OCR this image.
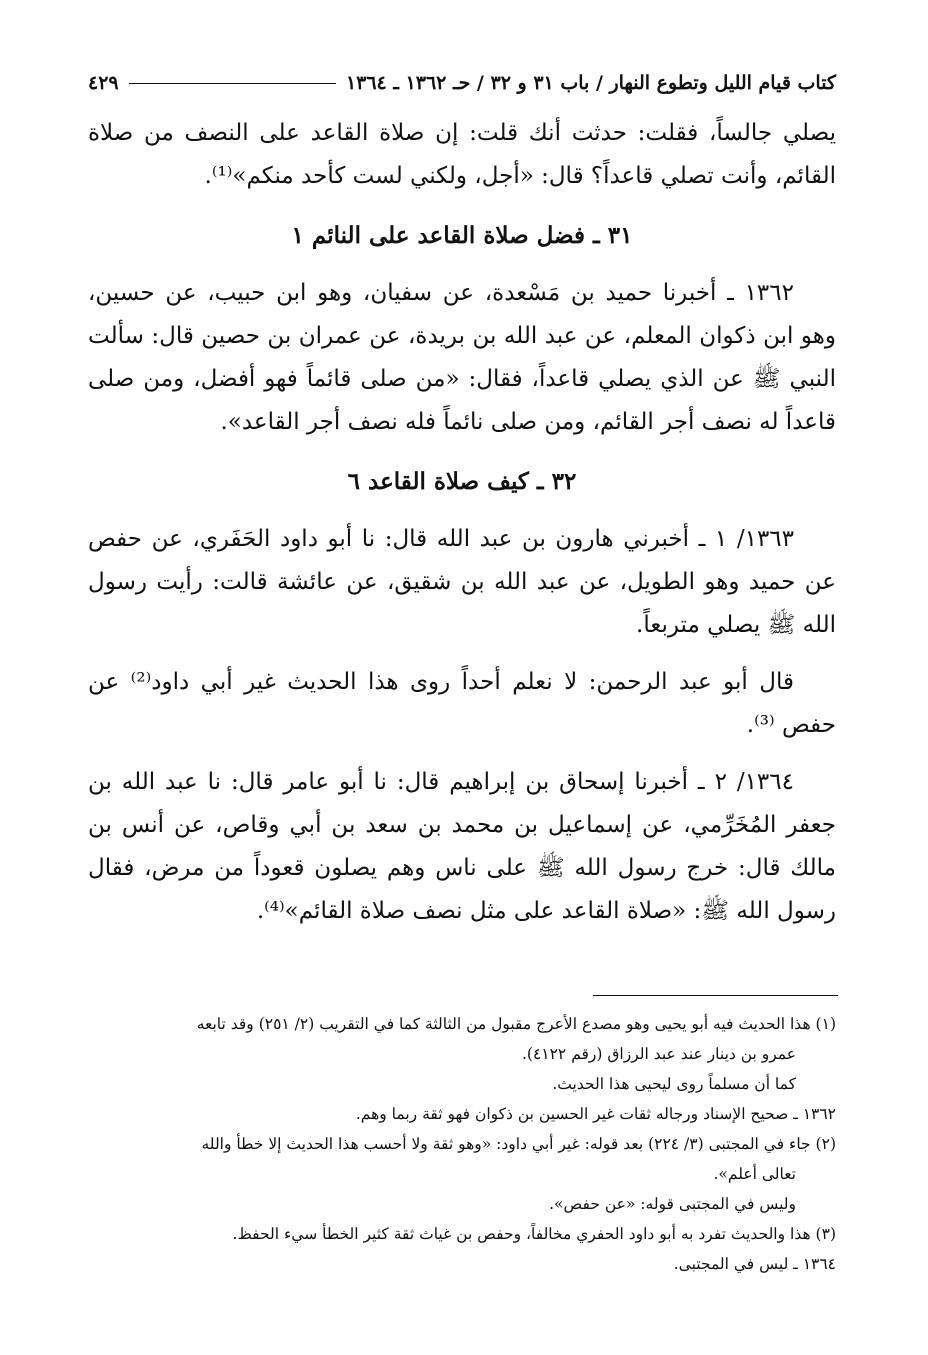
كتاب قيام الليل وتطوع النهار / باب ٣١ و ٣٢ / حـ ١٣٦٢ ـ ١٣٦٤
٤٢٩

يصلي جالساً، فقلت: حدثت أنك قلت: إن صلاة القاعد على النصف من صلاة القائم، وأنت تصلي قاعداً؟ قال: «أجل، ولكني لست كأحد منكم»⁽¹⁾.

٣١ ـ فضل صلاة القاعد على النائم ١

١٣٦٢ ـ أخبرنا حميد بن مَسْعدة، عن سفيان، وهو ابن حبيب، عن حسين، وهو ابن ذكوان المعلم، عن عبد الله بن بريدة، عن عمران بن حصين قال: سألت النبي ﷺ عن الذي يصلي قاعداً، فقال: «من صلى قائماً فهو أفضل، ومن صلى قاعداً له نصف أجر القائم، ومن صلى نائماً فله نصف أجر القاعد».

٣٢ ـ كيف صلاة القاعد ٦

١٣٦٣/ ١ ـ أخبرني هارون بن عبد الله قال: نا أبو داود الحَفَري، عن حفص عن حميد وهو الطويل، عن عبد الله بن شقيق، عن عائشة قالت: رأيت رسول الله ﷺ يصلي متربعاً.

قال أبو عبد الرحمن: لا نعلم أحداً روى هذا الحديث غير أبي داود⁽²⁾ عن حفص ⁽³⁾.

١٣٦٤/ ٢ ـ أخبرنا إسحاق بن إبراهيم قال: نا أبو عامر قال: نا عبد الله بن جعفر المُخَرِّمي، عن إسماعيل بن محمد بن سعد بن أبي وقاص، عن أنس بن مالك قال: خرج رسول الله ﷺ على ناس وهم يصلون قعوداً من مرض، فقال رسول الله ﷺ: «صلاة القاعد على مثل نصف صلاة القائم»⁽⁴⁾.

(١) هذا الحديث فيه أبو يحيى وهو مصدع الأعرج مقبول من الثالثة كما في التقريب (٢/ ٢٥١) وقد تابعه
عمرو بن دينار عند عبد الرزاق (رقم ٤١٢٢).
كما أن مسلماً روى ليحيى هذا الحديث.
١٣٦٢ ـ صحيح الإسناد ورجاله ثقات غير الحسين بن ذكوان فهو ثقة ربما وهم.
(٢) جاء في المجتبى (٣/ ٢٢٤) بعد قوله: غير أبي داود: «وهو ثقة ولا أحسب هذا الحديث إلا خطأ والله
تعالى أعلم».
وليس في المجتبى قوله: «عن حفص».
(٣) هذا والحديث تفرد به أبو داود الحفري مخالفاً، وحفص بن غياث ثقة كثير الخطأ سيء الحفظ.
١٣٦٤ ـ ليس في المجتبى.
